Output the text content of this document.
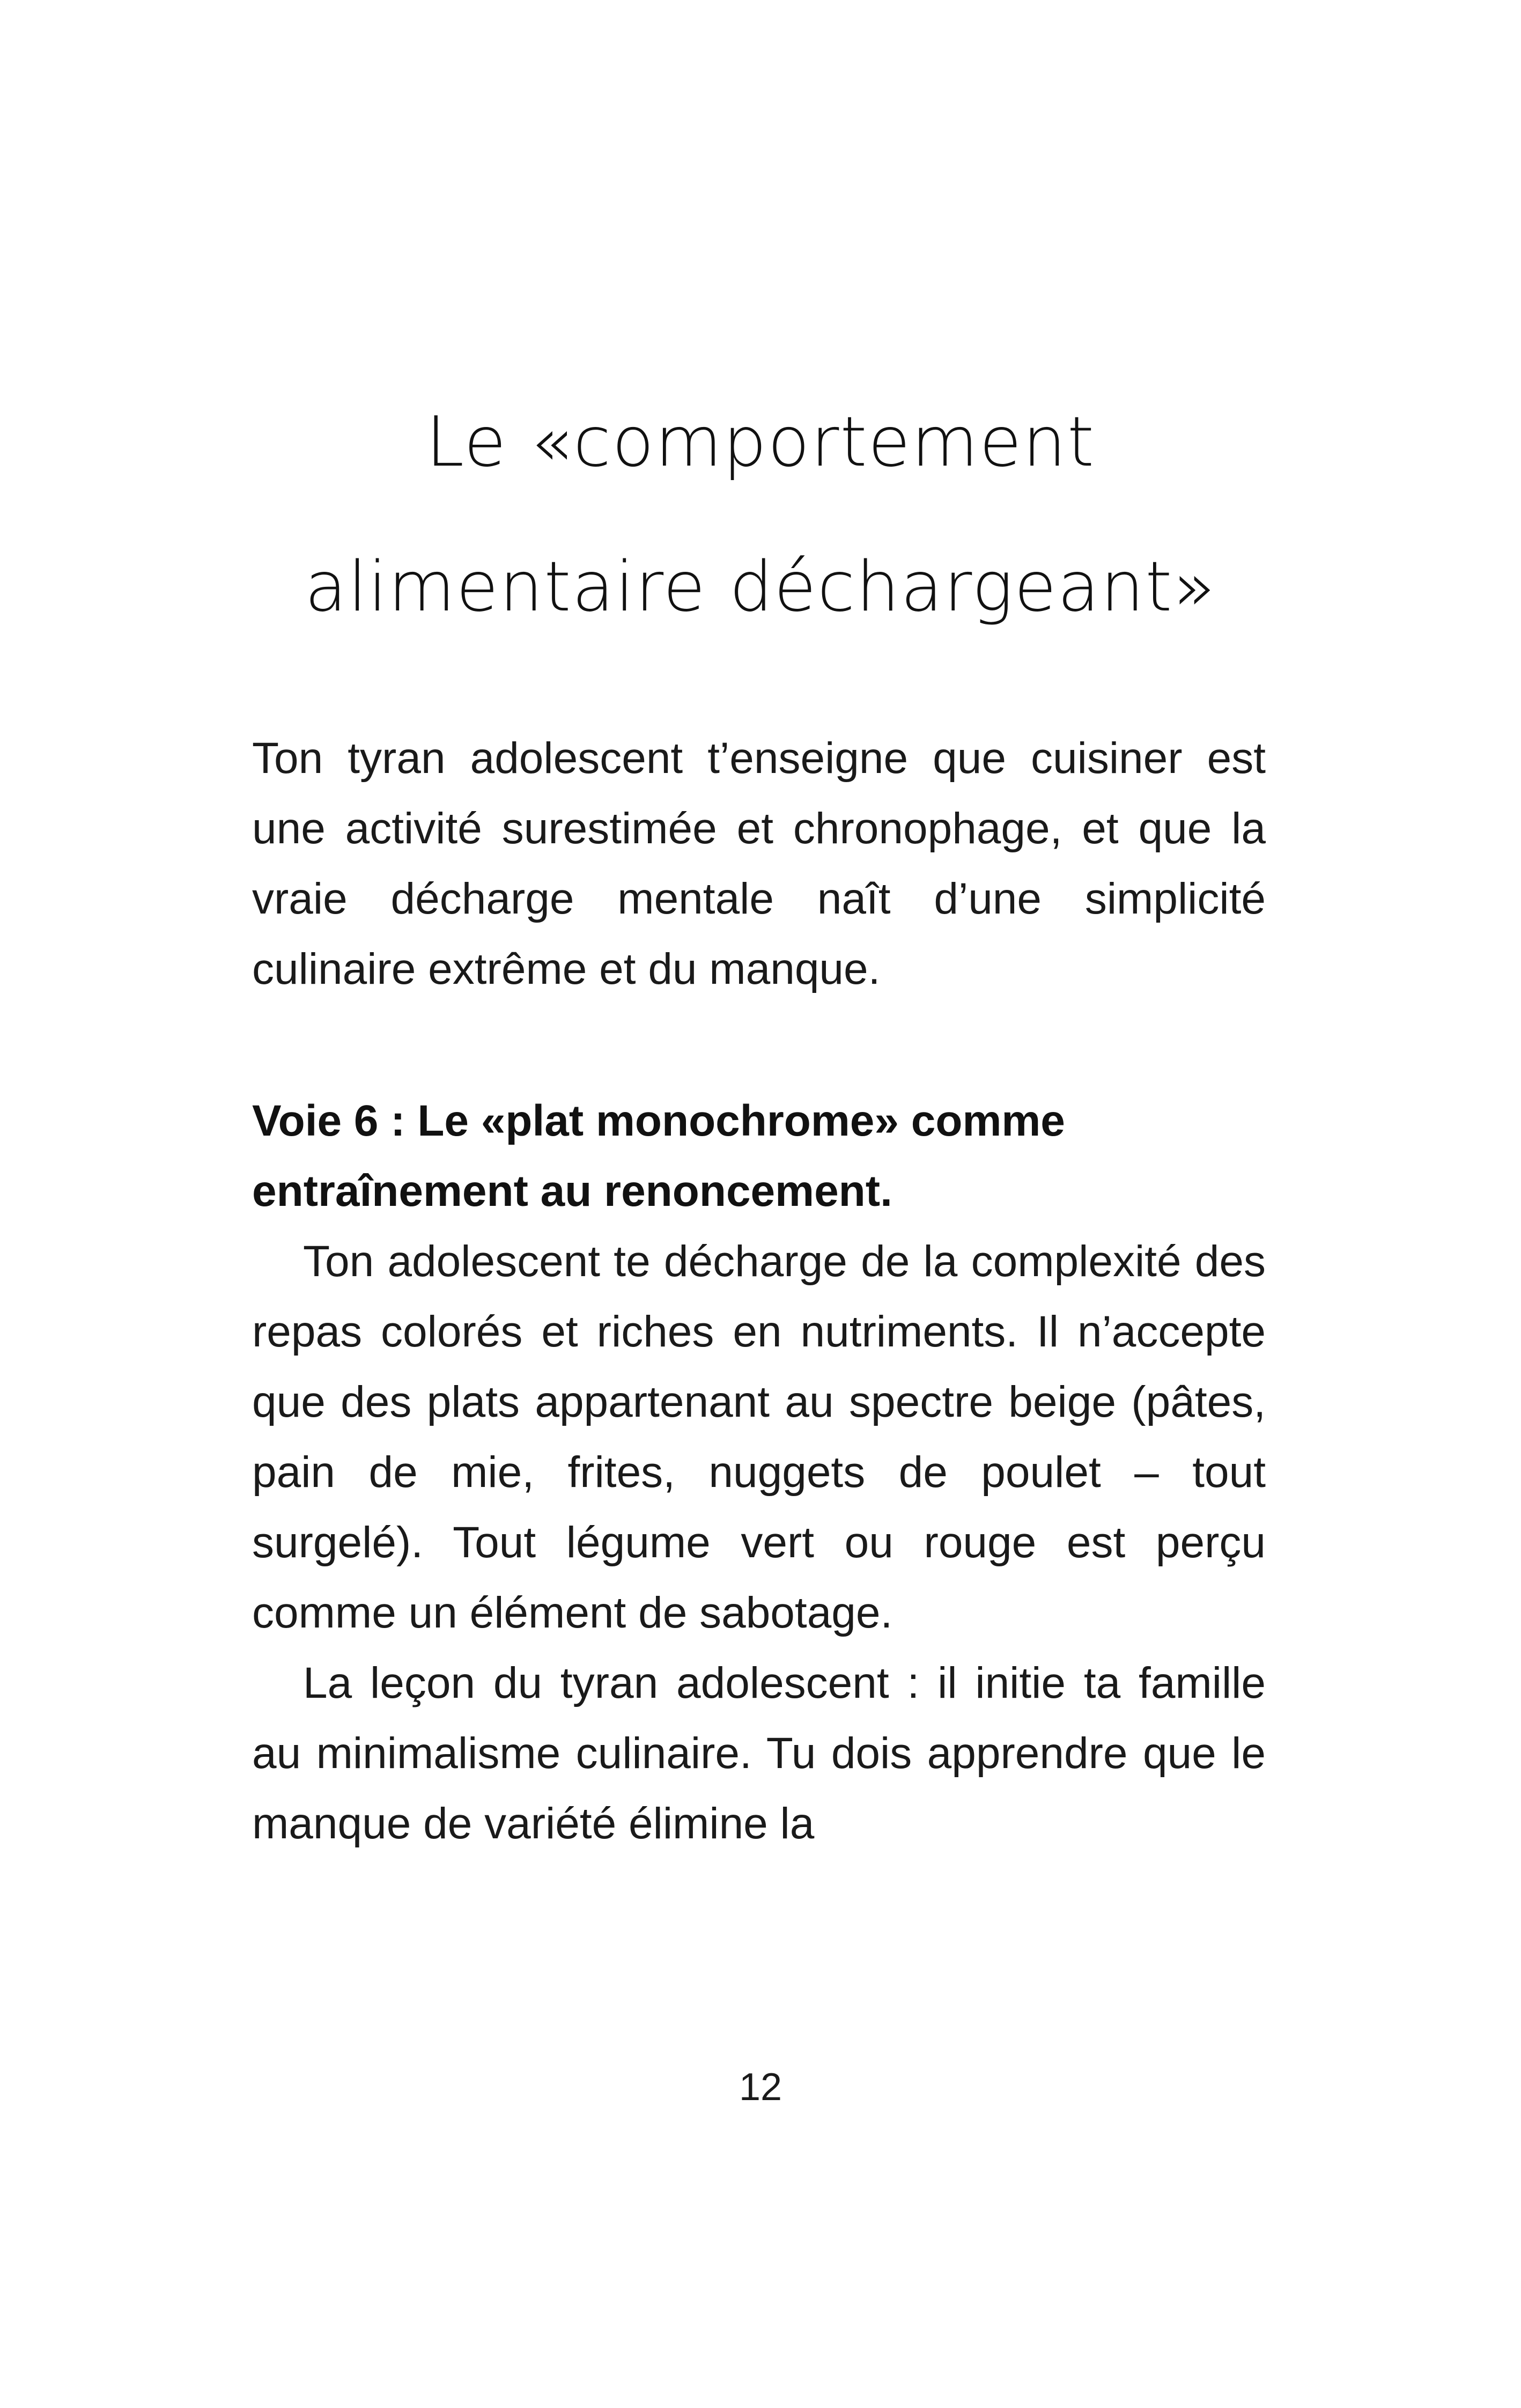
Le «comportement
alimentaire déchargeant»

Ton tyran adolescent t’enseigne que cuisiner est une activité surestimée et chronophage, et que la vraie décharge mentale naît d’une simplicité culinaire extrême et du manque.

Voie 6 : Le «plat monochrome» comme entraînement au renoncement.

Ton adolescent te décharge de la complexité des repas colorés et riches en nutriments. Il n’accepte que des plats appartenant au spectre beige (pâtes, pain de mie, frites, nuggets de poulet – tout surgelé). Tout légume vert ou rouge est perçu comme un élément de sabotage.

La leçon du tyran adolescent : il initie ta famille au minimalisme culinaire. Tu dois apprendre que le manque de variété élimine la

12
